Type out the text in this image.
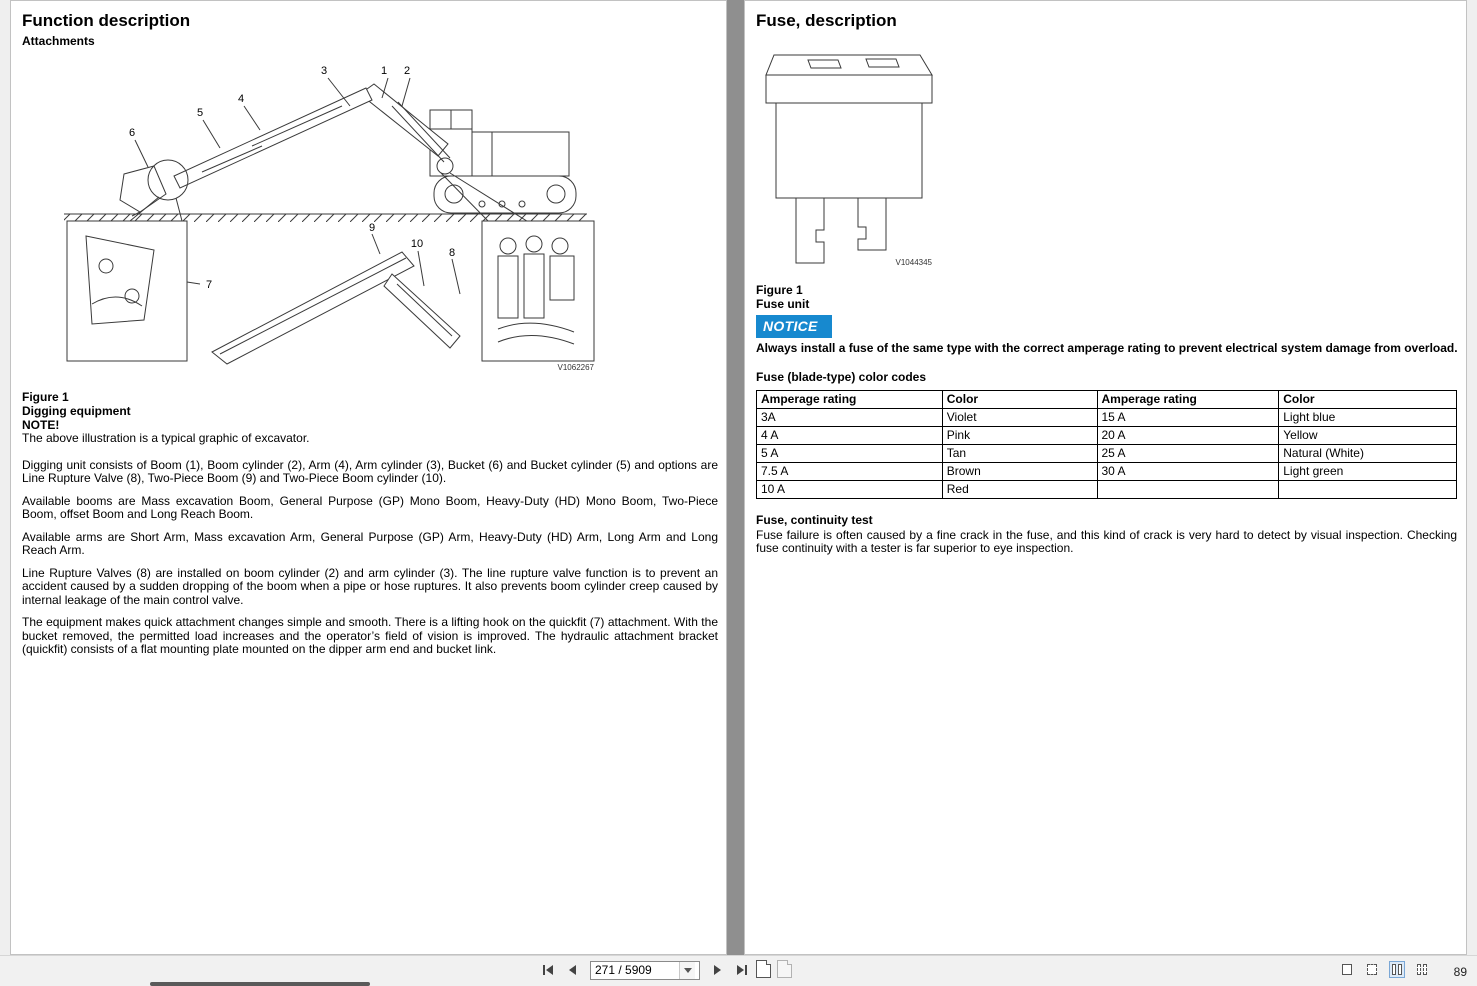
Function description
Attachments
1 2
3
4
5
6
7
8
9
10
V1062267
Figure 1
Digging equipment
NOTE!
The above illustration is a typical graphic of excavator.

Digging unit consists of Boom (1), Boom cylinder (2), Arm (4), Arm cylinder (3), Bucket (6) and Bucket cylinder (5) and options are Line Rupture Valve (8), Two-Piece Boom (9) and Two-Piece Boom cylinder (10).

Available booms are Mass excavation Boom, General Purpose (GP) Mono Boom, Heavy-Duty (HD) Mono Boom, Two-Piece Boom, offset Boom and Long Reach Boom.

Available arms are Short Arm, Mass excavation Arm, General Purpose (GP) Arm, Heavy-Duty (HD) Arm, Long Arm and Long Reach Arm.

Line Rupture Valves (8) are installed on boom cylinder (2) and arm cylinder (3). The line rupture valve function is to prevent an accident caused by a sudden dropping of the boom when a pipe or hose ruptures. It also prevents boom cylinder creep caused by internal leakage of the main control valve.

The equipment makes quick attachment changes simple and smooth. There is a lifting hook on the quickfit (7) attachment. With the bucket removed, the permitted load increases and the operator’s field of vision is improved. The hydraulic attachment bracket (quickfit) consists of a flat mounting plate mounted on the dipper arm end and bucket link.

Fuse, description
V1044345
Figure 1
Fuse unit
NOTICE
Always install a fuse of the same type with the correct amperage rating to prevent electrical system damage from overload.
Fuse (blade-type) color codes
Amperage rating	Color	Amperage rating	Color
3A	Violet	15 A	Light blue
4 A	Pink	20 A	Yellow
5 A	Tan	25 A	Natural (White)
7.5 A	Brown	30 A	Light green
10 A	Red		
Fuse, continuity test

Fuse failure is often caused by a fine crack in the fuse, and this kind of crack is very hard to detect by visual inspection. Checking fuse continuity with a tester is far superior to eye inspection.

271 / 5909
89
